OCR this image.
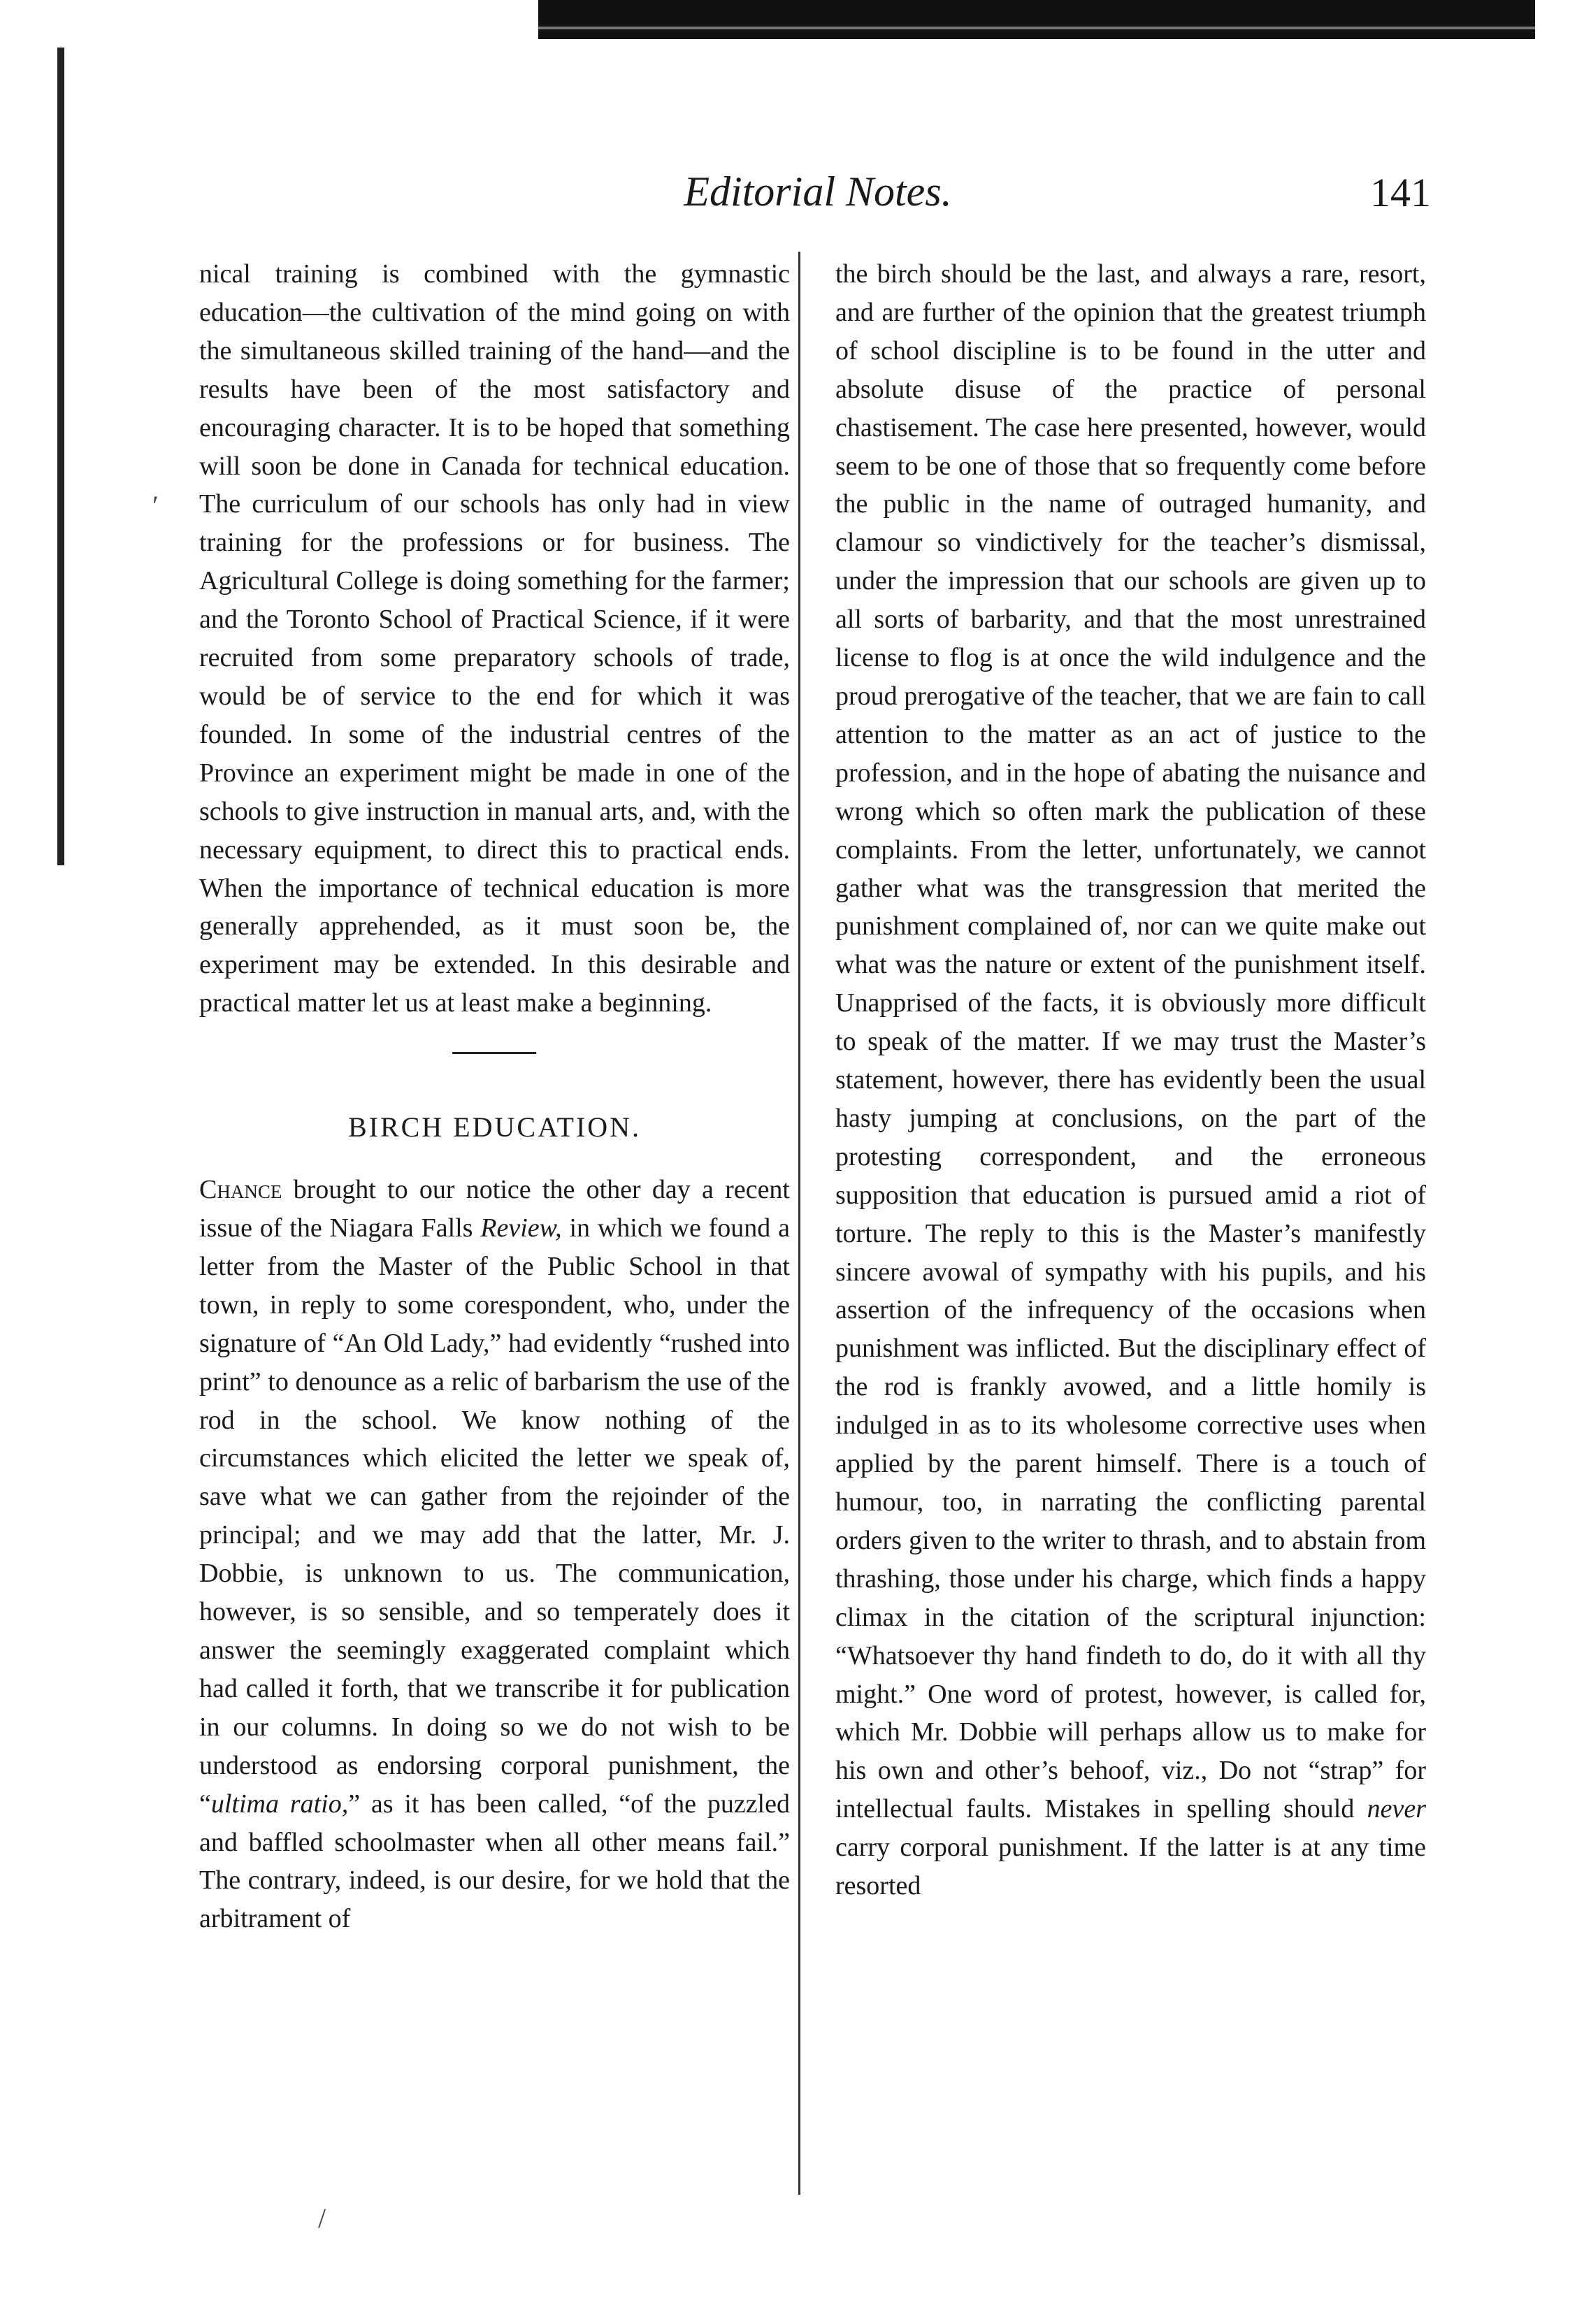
Editorial Notes.	141

nical training is combined with the gymnastic education—the cultivation of the mind going on with the simultaneous skilled training of the hand—and the results have been of the most satisfactory and encouraging character. It is to be hoped that something will soon be done in Canada for technical education. The curriculum of our schools has only had in view training for the professions or for business. The Agricultural College is doing something for the farmer; and the Toronto School of Practical Science, if it were recruited from some preparatory schools of trade, would be of service to the end for which it was founded. In some of the industrial centres of the Province an experiment might be made in one of the schools to give instruction in manual arts, and, with the necessary equipment, to direct this to practical ends. When the importance of technical education is more generally apprehended, as it must soon be, the experiment may be extended. In this desirable and practical matter let us at least make a beginning.

BIRCH EDUCATION.

Chance brought to our notice the other day a recent issue of the Niagara Falls Review, in which we found a letter from the Master of the Public School in that town, in reply to some corespondent, who, under the signature of “An Old Lady,” had evidently “rushed into print” to denounce as a relic of barbarism the use of the rod in the school. We know nothing of the circumstances which elicited the letter we speak of, save what we can gather from the rejoinder of the principal; and we may add that the latter, Mr. J. Dobbie, is unknown to us. The communication, however, is so sensible, and so temperately does it answer the seemingly exaggerated complaint which had called it forth, that we transcribe it for publication in our columns. In doing so we do not wish to be understood as endorsing corporal punishment, the “ultima ratio,” as it has been called, “of the puzzled and baffled schoolmaster when all other means fail.” The contrary, indeed, is our desire, for we hold that the arbitrament of

the birch should be the last, and always a rare, resort, and are further of the opinion that the greatest triumph of school discipline is to be found in the utter and absolute disuse of the practice of personal chastisement. The case here presented, however, would seem to be one of those that so frequently come before the public in the name of outraged humanity, and clamour so vindictively for the teacher’s dismissal, under the impression that our schools are given up to all sorts of barbarity, and that the most unrestrained license to flog is at once the wild indulgence and the proud prerogative of the teacher, that we are fain to call attention to the matter as an act of justice to the profession, and in the hope of abating the nuisance and wrong which so often mark the publication of these complaints. From the letter, unfortunately, we cannot gather what was the transgression that merited the punishment complained of, nor can we quite make out what was the nature or extent of the punishment itself. Unapprised of the facts, it is obviously more difficult to speak of the matter. If we may trust the Master’s statement, however, there has evidently been the usual hasty jumping at conclusions, on the part of the protesting correspondent, and the erroneous supposition that education is pursued amid a riot of torture. The reply to this is the Master’s manifestly sincere avowal of sympathy with his pupils, and his assertion of the infrequency of the occasions when punishment was inflicted. But the disciplinary effect of the rod is frankly avowed, and a little homily is indulged in as to its wholesome corrective uses when applied by the parent himself. There is a touch of humour, too, in narrating the conflicting parental orders given to the writer to thrash, and to abstain from thrashing, those under his charge, which finds a happy climax in the citation of the scriptural injunction: “Whatsoever thy hand findeth to do, do it with all thy might.” One word of protest, however, is called for, which Mr. Dobbie will perhaps allow us to make for his own and other’s behoof, viz., Do not “strap” for intellectual faults. Mistakes in spelling should never carry corporal punishment. If the latter is at any time resorted

′
/
